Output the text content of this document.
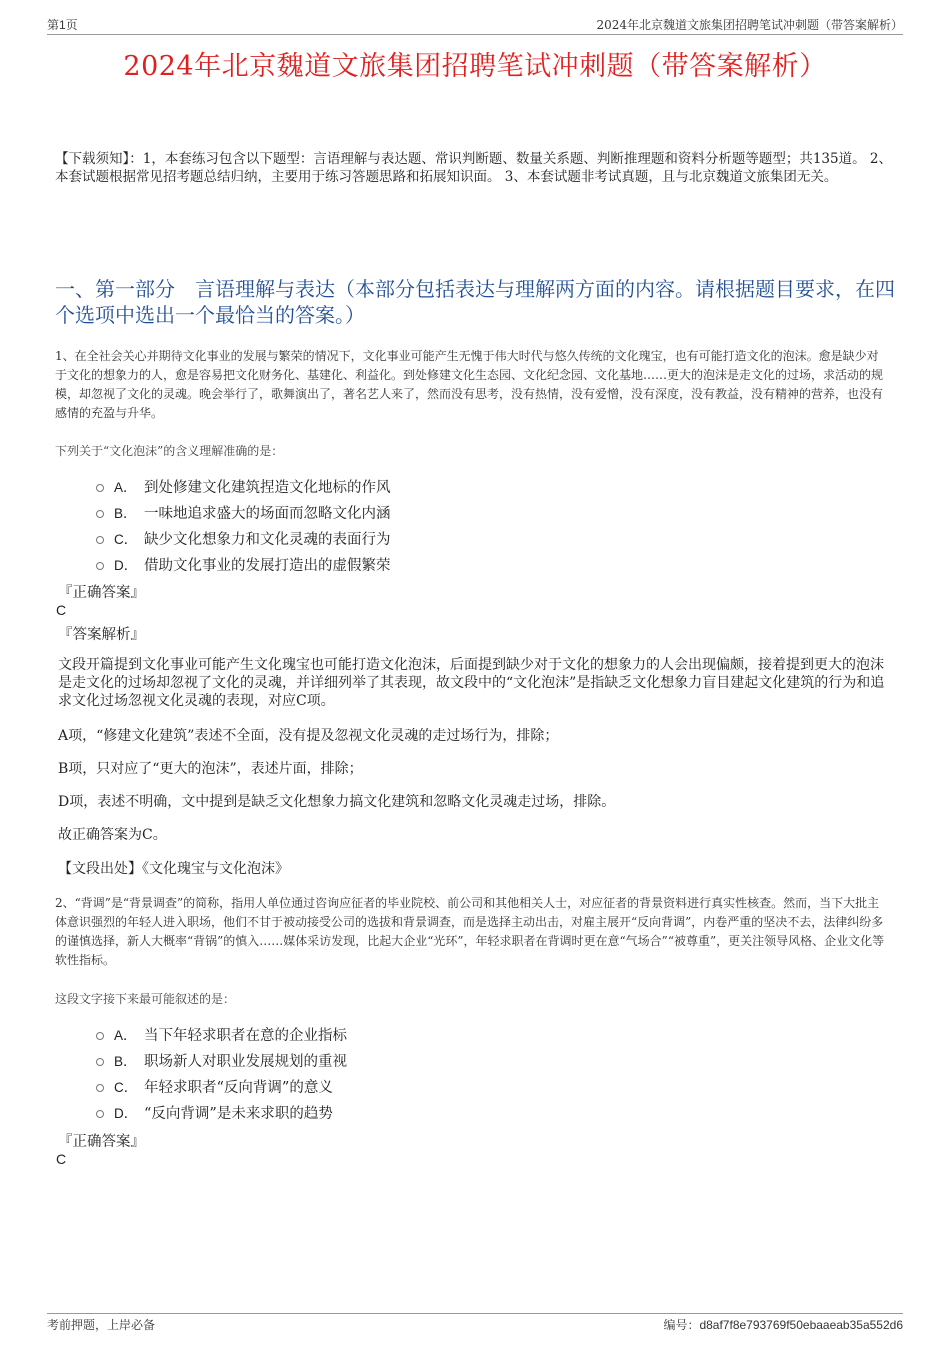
第1页	2024年北京魏道文旅集团招聘笔试冲刺题（带答案解析）
2024年北京魏道文旅集团招聘笔试冲刺题（带答案解析）
【下载须知】：1，本套练习包含以下题型：言语理解与表达题、常识判断题、数量关系题、判断推理题和资料分析题等题型；共135道。 2、本套试题根据常见招考题总结归纳，主要用于练习答题思路和拓展知识面。 3、本套试题非考试真题，且与北京魏道文旅集团无关。
一、第一部分　言语理解与表达（本部分包括表达与理解两方面的内容。请根据题目要求，在四个选项中选出一个最恰当的答案。）
1、在全社会关心并期待文化事业的发展与繁荣的情况下，文化事业可能产生无愧于伟大时代与悠久传统的文化瑰宝，也有可能打造文化的泡沫。愈是缺少对于文化的想象力的人，愈是容易把文化财务化、基建化、利益化。到处修建文化生态园、文化纪念园、文化基地……更大的泡沫是走文化的过场，求活动的规模，却忽视了文化的灵魂。晚会举行了，歌舞演出了，著名艺人来了，然而没有思考，没有热情，没有爱憎，没有深度，没有教益，没有精神的营养，也没有感情的充盈与升华。
下列关于“文化泡沫”的含义理解准确的是：
A． 到处修建文化建筑捏造文化地标的作风
B． 一味地追求盛大的场面而忽略文化内涵
C． 缺少文化想象力和文化灵魂的表面行为
D． 借助文化事业的发展打造出的虚假繁荣
『正确答案』
C
『答案解析』
文段开篇提到文化事业可能产生文化瑰宝也可能打造文化泡沫，后面提到缺少对于文化的想象力的人会出现偏颇，接着提到更大的泡沫是走文化的过场却忽视了文化的灵魂，并详细列举了其表现，故文段中的“文化泡沫”是指缺乏文化想象力盲目建起文化建筑的行为和追求文化过场忽视文化灵魂的表现，对应C项。
A项，“修建文化建筑”表述不全面，没有提及忽视文化灵魂的走过场行为，排除；
B项，只对应了“更大的泡沫”，表述片面，排除；
D项，表述不明确，文中提到是缺乏文化想象力搞文化建筑和忽略文化灵魂走过场，排除。
故正确答案为C。
【文段出处】《文化瑰宝与文化泡沫》
2、“背调”是“背景调查”的简称，指用人单位通过咨询应征者的毕业院校、前公司和其他相关人士，对应征者的背景资料进行真实性核查。然而，当下大批主体意识强烈的年轻人进入职场，他们不甘于被动接受公司的选拔和背景调查，而是选择主动出击，对雇主展开“反向背调”，内卷严重的坚决不去，法律纠纷多的谨慎选择，新人大概率“背锅”的慎入……媒体采访发现，比起大企业“光环”，年轻求职者在背调时更在意“气场合”“被尊重”，更关注领导风格、企业文化等软性指标。
这段文字接下来最可能叙述的是：
A． 当下年轻求职者在意的企业指标
B． 职场新人对职业发展规划的重视
C． 年轻求职者“反向背调”的意义
D． “反向背调”是未来求职的趋势
『正确答案』
C
考前押题，上岸必备	编号：d8af7f8e793769f50ebaaeab35a552d6
